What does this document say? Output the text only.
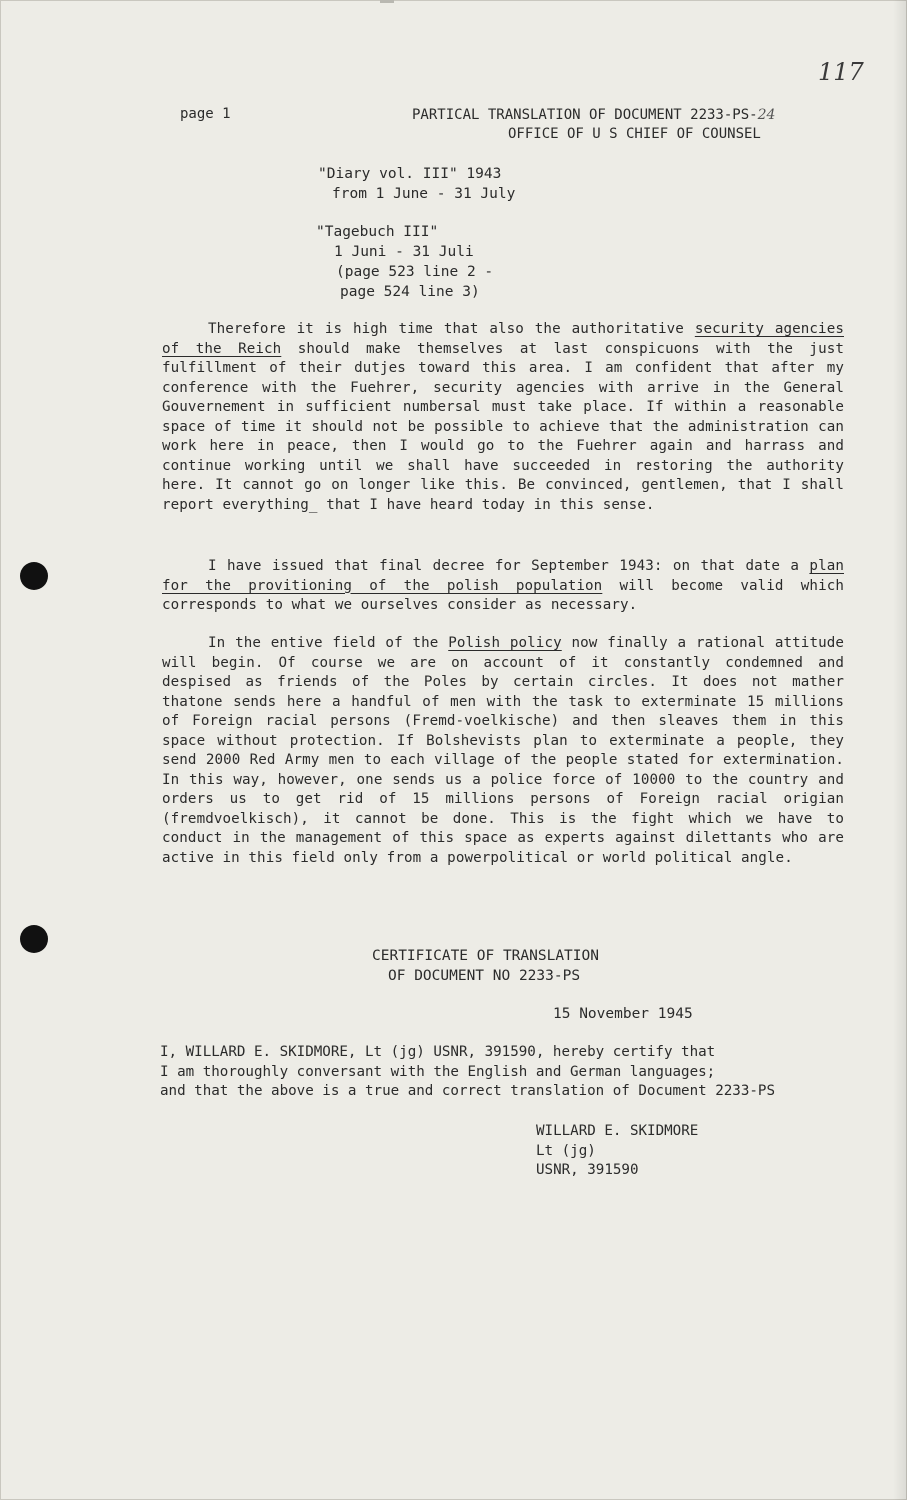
117
page 1	PARTICAL TRANSLATION OF DOCUMENT 2233-PS-24
OFFICE OF U S CHIEF OF COUNSEL
"Diary vol. III" 1943
from 1 June - 31 July
"Tagebuch III"
1 Juni - 31 Juli
(page 523 line 2 -
page 524 line 3)

Therefore it is high time that also the authoritative security agencies of the Reich should make themselves at last conspicuons with the just fulfillment of their dutjes toward this area. I am confident that after my conference with the Fuehrer, security agencies with arrive in the General Gouvernement in sufficient numbersal must take place. If within a reasonable space of time it should not be possible to achieve that the administration can work here in peace, then I would go to the Fuehrer again and harrass and continue working until we shall have succeeded in restoring the authority here. It cannot go on longer like this. Be convinced, gentlemen, that I shall report everything_ that I have heard today in this sense.

I have issued that final decree for September 1943: on that date a plan for the provitioning of the polish population will become valid which corresponds to what we ourselves consider as necessary.

In the entive field of the Polish policy now finally a rational attitude will begin. Of course we are on account of it constantly condemned and despised as friends of the Poles by certain circles. It does not mather thatone sends here a handful of men with the task to exterminate 15 millions of Foreign racial persons (Fremd-voelkische) and then sleaves them in this space without protection. If Bolshevists plan to exterminate a people, they send 2000 Red Army men to each village of the people stated for extermination. In this way, however, one sends us a police force of 10000 to the country and orders us to get rid of 15 millions persons of Foreign racial origian (fremdvoelkisch), it cannot be done. This is the fight which we have to conduct in the management of this space as experts against dilettants who are active in this field only from a powerpolitical or world political angle.

CERTIFICATE OF TRANSLATION
OF DOCUMENT NO 2233-PS
15 November 1945
I, WILLARD E. SKIDMORE, Lt (jg) USNR, 391590, hereby certify that
I am thoroughly conversant with the English and German languages;
and that the above is a true and correct translation of Document 2233-PS
WILLARD E. SKIDMORE
Lt (jg)
USNR, 391590
